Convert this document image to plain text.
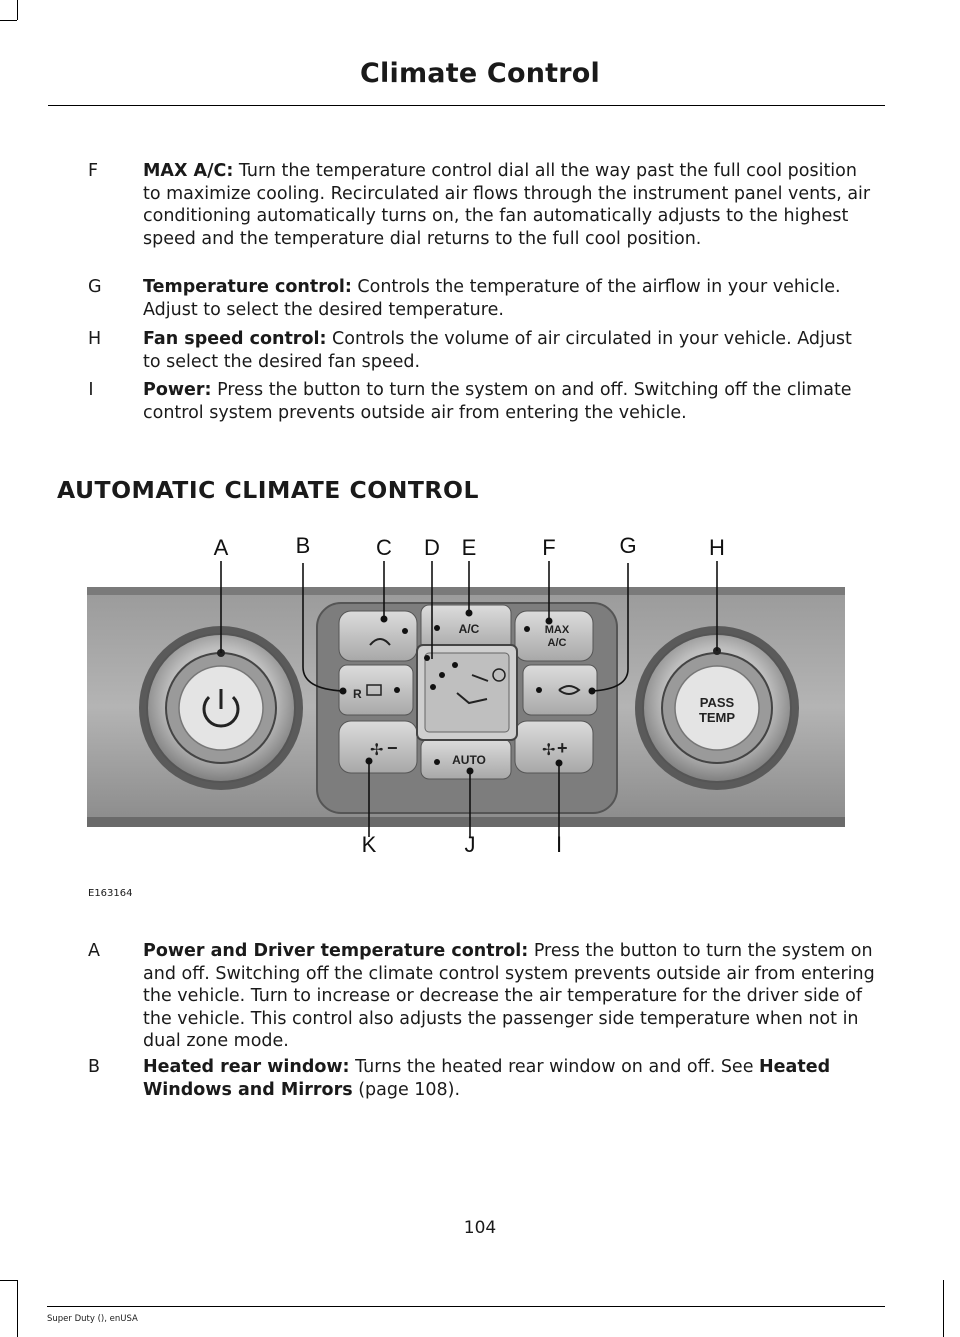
Climate Control
F	MAX A/C: Turn the temperature control dial all the way past the full cool position to maximize cooling. Recirculated air flows through the instrument panel vents, air conditioning automatically turns on, the fan automatically adjusts to the highest speed and the temperature dial returns to the full cool position.
G	Temperature control: Controls the temperature of the airflow in your vehicle. Adjust to select the desired temperature.
H	Fan speed control: Controls the volume of air circulated in your vehicle. Adjust to select the desired fan speed.
I	Power: Press the button to turn the system on and off. Switching off the climate control system prevents outside air from entering the vehicle.
AUTOMATIC CLIMATE CONTROL
PASS
TEMP
A/C	MAX
A/C
AUTO
R
−	+
✢	✢
A	B	C D E	F	G	H
K	J	I
E163164
A	Power and Driver temperature control: Press the button to turn the system on and off. Switching off the climate control system prevents outside air from entering the vehicle. Turn to increase or decrease the air temperature for the driver side of the vehicle. This control also adjusts the passenger side temperature when not in dual zone mode.
B	Heated rear window: Turns the heated rear window on and off. See Heated Windows and Mirrors (page 108).
104
Super Duty (), enUSA
